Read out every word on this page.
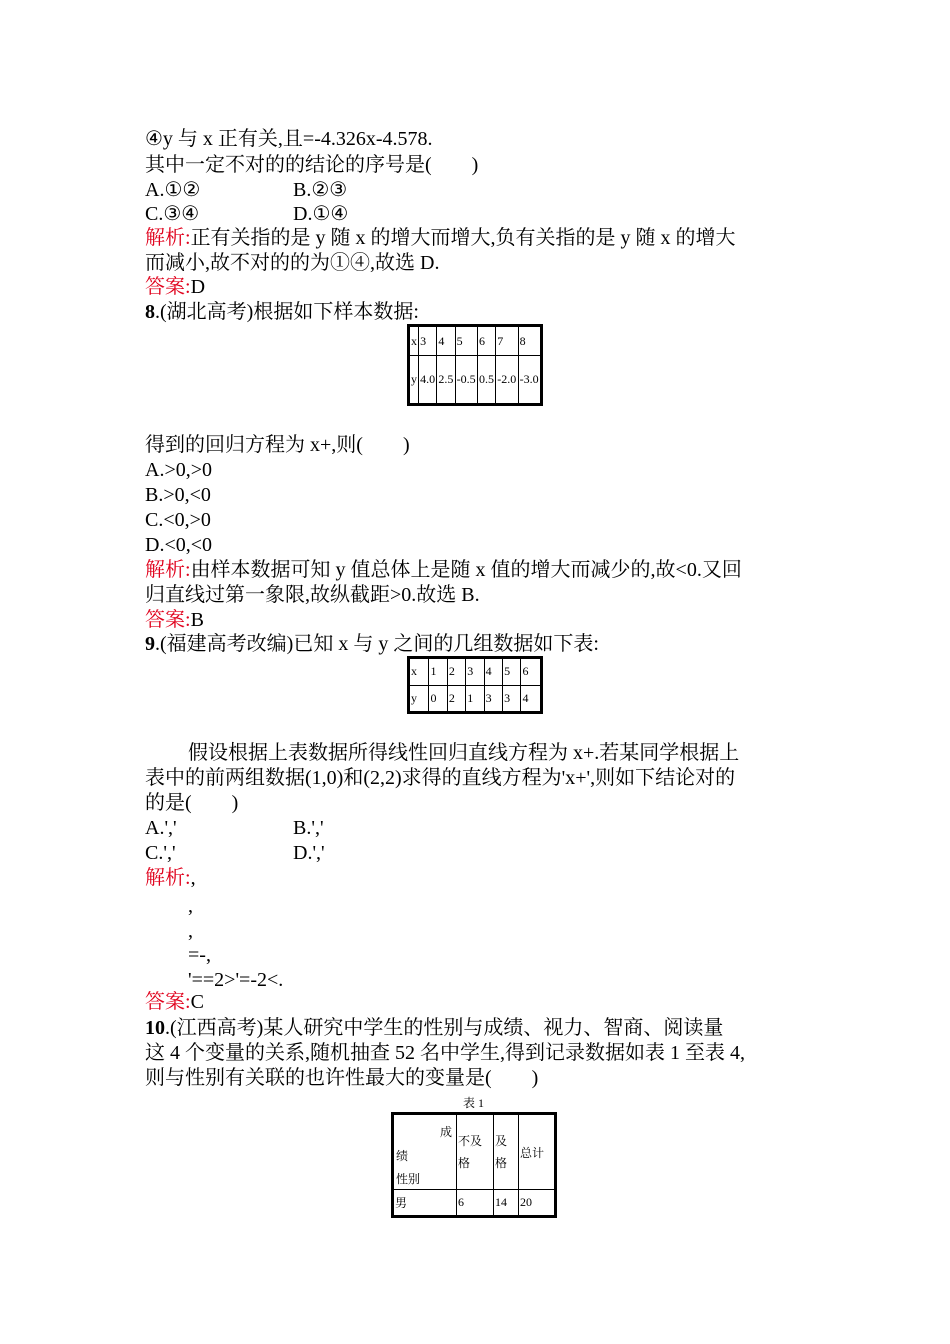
④y 与 x 正有关,且=-4.326x-4.578.
其中一定不对的的结论的序号是(　　)
A.①②	B.②③
C.③④	D.①④
解析:正有关指的是 y 随 x 的增大而增大,负有关指的是 y 随 x 的增大
而减小,故不对的的为①④,故选 D.
答案:D
8.(湖北高考)根据如下样本数据:
x	3	4	5	6	7	8
y	4.0	2.5	-0.5	0.5	-2.0	-3.0
得到的回归方程为 x+,则(　　)
A.>0,>0
B.>0,<0
C.<0,>0
D.<0,<0
解析:由样本数据可知 y 值总体上是随 x 值的增大而减少的,故<0.又回
归直线过第一象限,故纵截距>0.故选 B.
答案:B
9.(福建高考改编)已知 x 与 y 之间的几组数据如下表:
x	1	2	3	4	5	6
y	0	2	1	3	3	4
假设根据上表数据所得线性回归直线方程为 x+.若某同学根据上
表中的前两组数据(1,0)和(2,2)求得的直线方程为'x+',则如下结论对的
的是(　　)
A.','	B.','
C.','	D.','
解析:,
,
,
=-,
'==2>'=-2<.
答案:C
10.(江西高考)某人研究中学生的性别与成绩、视力、智商、阅读量
这 4 个变量的关系,随机抽查 52 名中学生,得到记录数据如表 1 至表 4,
则与性别有关联的也许性最大的变量是(　　)
表 1
成
绩
性别	不及格	及格	总计
男	6	14	20
